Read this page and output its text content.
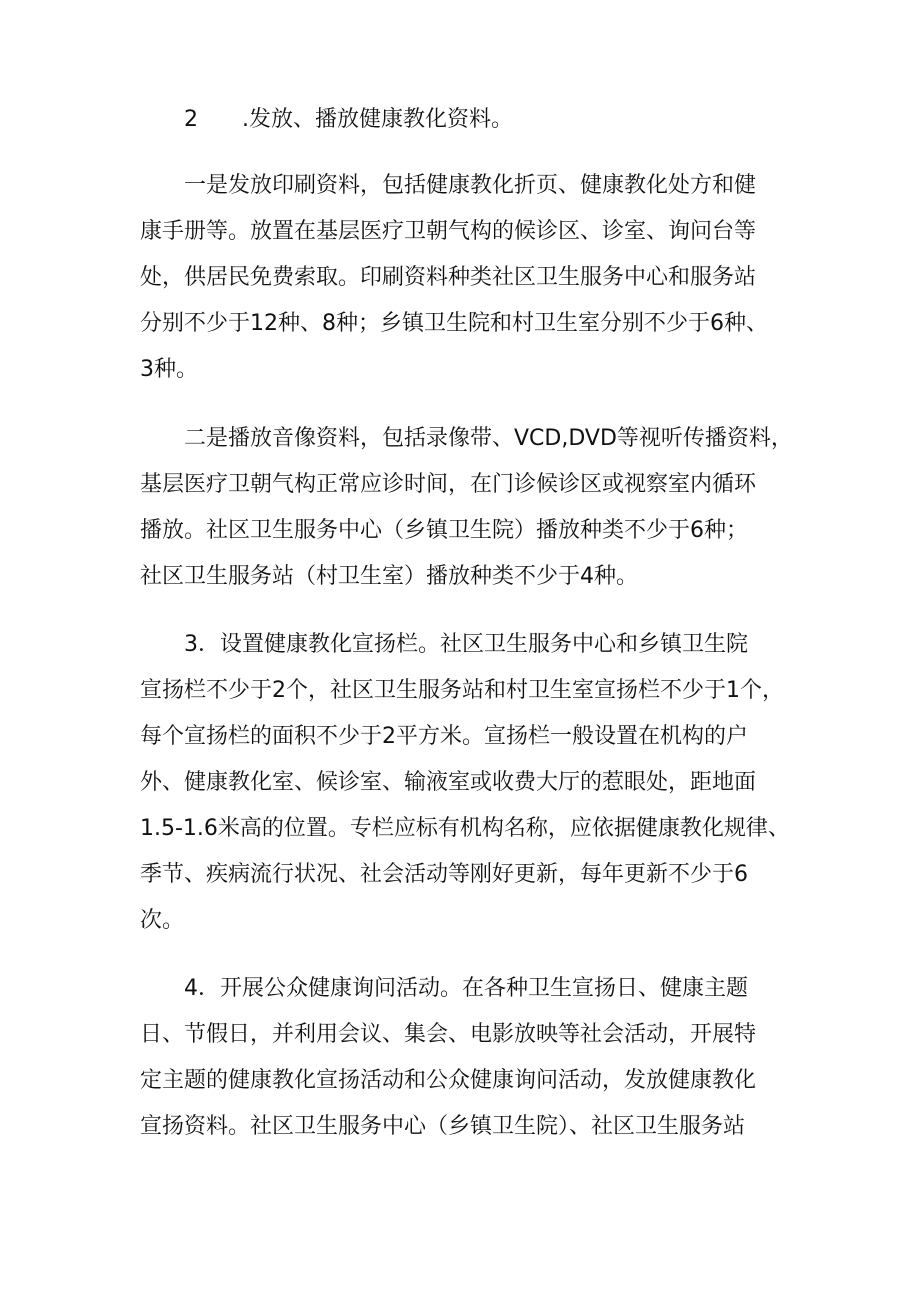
2 .发放、播放健康教化资料。

一是发放印刷资料，包括健康教化折页、健康教化处方和健
康手册等。放置在基层医疗卫朝气构的候诊区、诊室、询问台等
处，供居民免费索取。印刷资料种类社区卫生服务中心和服务站
分别不少于12种、8种；乡镇卫生院和村卫生室分别不少于6种、
3种。

二是播放音像资料，包括录像带、VCD,DVD等视听传播资料，
基层医疗卫朝气构正常应诊时间，在门诊候诊区或视察室内循环
播放。社区卫生服务中心（乡镇卫生院）播放种类不少于6种；
社区卫生服务站（村卫生室）播放种类不少于4种。

3．设置健康教化宣扬栏。社区卫生服务中心和乡镇卫生院
宣扬栏不少于2个，社区卫生服务站和村卫生室宣扬栏不少于1个，
每个宣扬栏的面积不少于2平方米。宣扬栏一般设置在机构的户
外、健康教化室、候诊室、输液室或收费大厅的惹眼处，距地面
1.5-1.6米高的位置。专栏应标有机构名称，应依据健康教化规律、
季节、疾病流行状况、社会活动等刚好更新，每年更新不少于6
次。

4．开展公众健康询问活动。在各种卫生宣扬日、健康主题
日、节假日，并利用会议、集会、电影放映等社会活动，开展特
定主题的健康教化宣扬活动和公众健康询问活动，发放健康教化
宣扬资料。社区卫生服务中心（乡镇卫生院）、社区卫生服务站
